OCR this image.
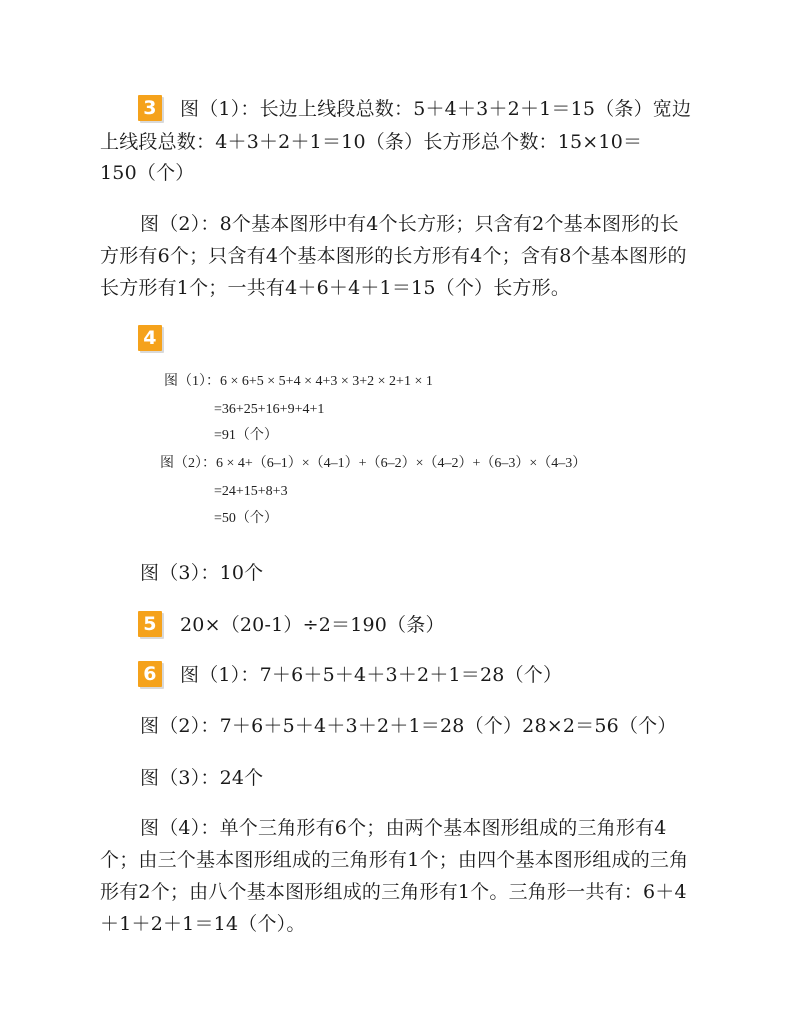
3 图（1）：长边上线段总数：5＋4＋3＋2＋1＝15（条）宽边
上线段总数：4＋3＋2＋1＝10（条）长方形总个数：15×10＝
150（个）
图（2）：8个基本图形中有4个长方形；只含有2个基本图形的长
方形有6个；只含有4个基本图形的长方形有4个；含有8个基本图形的
长方形有1个；一共有4＋6＋4＋1＝15（个）长方形。
4
图（1）：6 × 6+5 × 5+4 × 4+3 × 3+2 × 2+1 × 1
=36+25+16+9+4+1
=91（个）
图（2）：6 × 4+（6–1）×（4–1）+（6–2）×（4–2）+（6–3）×（4–3）
=24+15+8+3
=50（个）
图（3）：10个
5 20×（20-1）÷2＝190（条）
6 图（1）：7＋6＋5＋4＋3＋2＋1＝28（个）
图（2）：7＋6＋5＋4＋3＋2＋1＝28（个）28×2＝56（个）
图（3）：24个
图（4）：单个三角形有6个；由两个基本图形组成的三角形有4
个；由三个基本图形组成的三角形有1个；由四个基本图形组成的三角
形有2个；由八个基本图形组成的三角形有1个。三角形一共有：6＋4
＋1＋2＋1＝14（个）。
